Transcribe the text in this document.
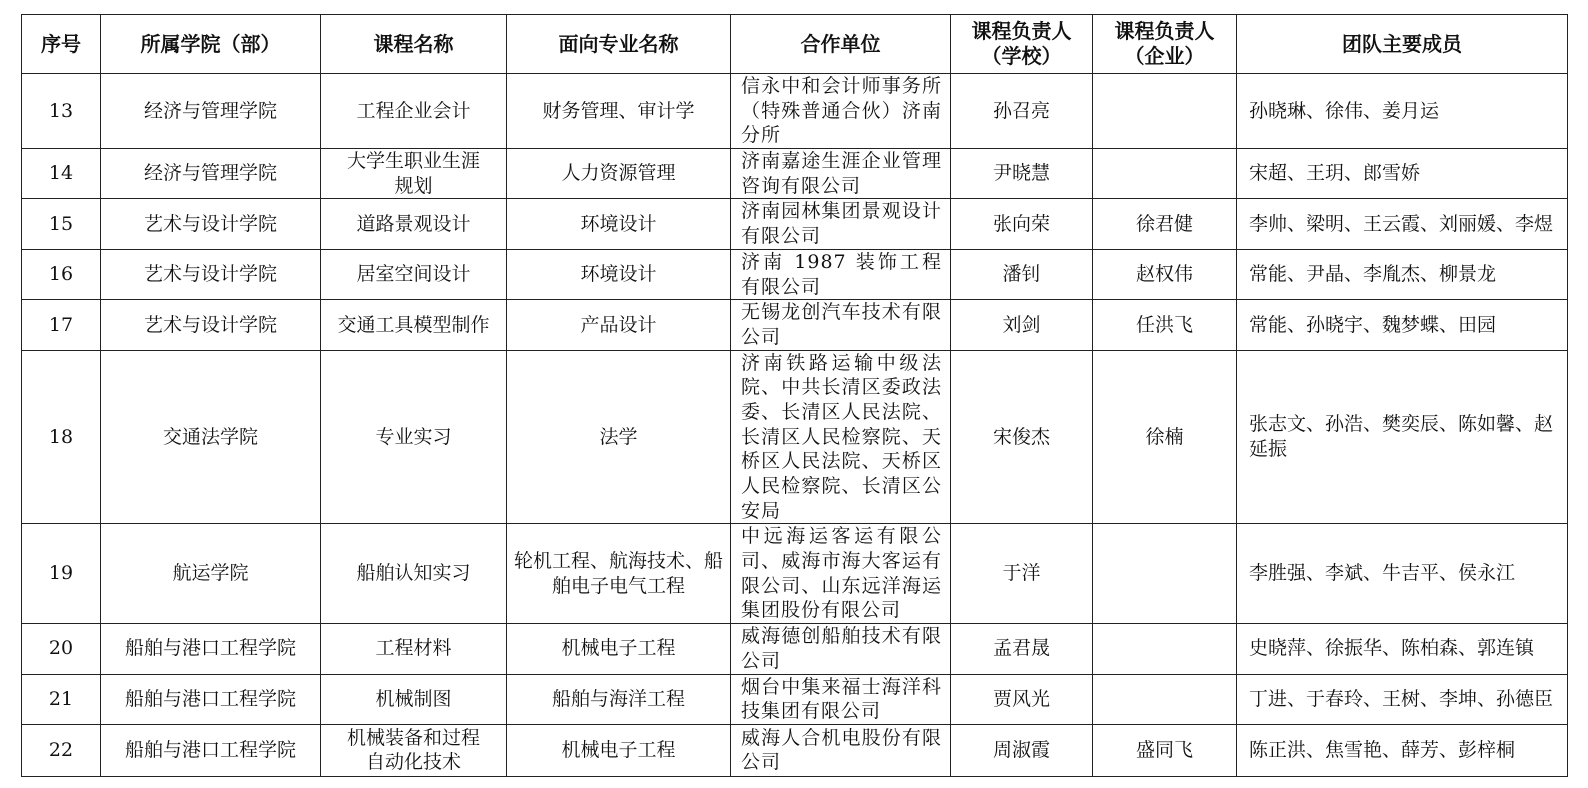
序号	所属学院（部）	课程名称	面向专业名称	合作单位	课程负责人（学校）	课程负责人（企业）	团队主要成员
13	经济与管理学院	工程企业会计	财务管理、审计学	信永中和会计师事务所（特殊普通合伙）济南分所	孙召亮		孙晓琳、徐伟、姜月运
14	经济与管理学院	大学生职业生涯规划	人力资源管理	济南嘉途生涯企业管理咨询有限公司	尹晓慧		宋超、王玥、郎雪娇
15	艺术与设计学院	道路景观设计	环境设计	济南园林集团景观设计有限公司	张向荣	徐君健	李帅、梁明、王云霞、刘丽媛、李煜
16	艺术与设计学院	居室空间设计	环境设计	济南 1987 装饰工程有限公司	潘钊	赵权伟	常能、尹晶、李胤杰、柳景龙
17	艺术与设计学院	交通工具模型制作	产品设计	无锡龙创汽车技术有限公司	刘剑	任洪飞	常能、孙晓宇、魏梦蝶、田园
18	交通法学院	专业实习	法学	济南铁路运输中级法院、中共长清区委政法委、长清区人民法院、长清区人民检察院、天桥区人民法院、天桥区人民检察院、长清区公安局	宋俊杰	徐楠	张志文、孙浩、樊奕辰、陈如馨、赵延振
19	航运学院	船舶认知实习	轮机工程、航海技术、船舶电子电气工程	中远海运客运有限公司、威海市海大客运有限公司、山东远洋海运集团股份有限公司	于洋		李胜强、李斌、牛吉平、侯永江
20	船舶与港口工程学院	工程材料	机械电子工程	威海德创船舶技术有限公司	孟君晟		史晓萍、徐振华、陈柏森、郭连镇
21	船舶与港口工程学院	机械制图	船舶与海洋工程	烟台中集来福士海洋科技集团有限公司	贾风光		丁进、于春玲、王树、李坤、孙德臣
22	船舶与港口工程学院	机械装备和过程自动化技术	机械电子工程	威海人合机电股份有限公司	周淑霞	盛同飞	陈正洪、焦雪艳、薛芳、彭梓桐
